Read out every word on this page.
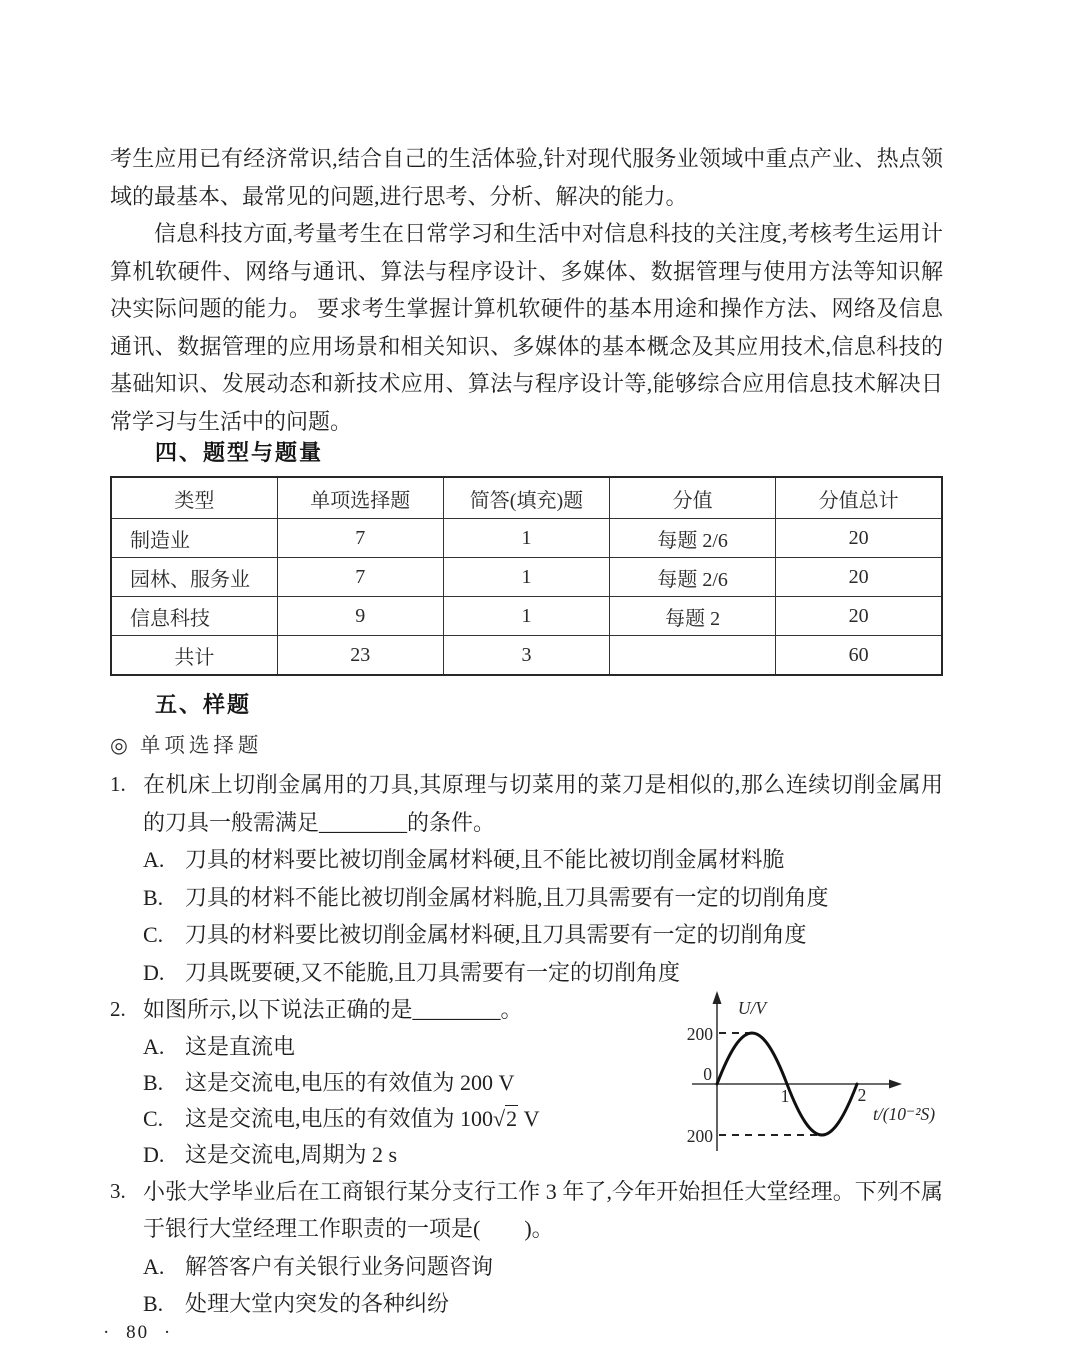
考生应用已有经济常识,结合自己的生活体验,针对现代服务业领域中重点产业、热点领域的最基本、最常见的问题,进行思考、分析、解决的能力。

信息科技方面,考量考生在日常学习和生活中对信息科技的关注度,考核考生运用计算机软硬件、网络与通讯、算法与程序设计、多媒体、数据管理与使用方法等知识解决实际问题的能力。 要求考生掌握计算机软硬件的基本用途和操作方法、网络及信息通讯、数据管理的应用场景和相关知识、多媒体的基本概念及其应用技术,信息科技的基础知识、发展动态和新技术应用、算法与程序设计等,能够综合应用信息技术解决日常学习与生活中的问题。

四、题型与题量
类型	单项选择题	简答(填充)题	分值	分值总计
制造业	7	1	每题 2/6	20
园林、服务业	7	1	每题 2/6	20
信息科技	9	1	每题 2	20
共计	23	3		60
五、样题
◎ 单项选择题
1. 在机床上切削金属用的刀具,其原理与切菜用的菜刀是相似的,那么连续切削金属用的刀具一般需满足________的条件。

A. 刀具的材料要比被切削金属材料硬,且不能比被切削金属材料脆
B. 刀具的材料不能比被切削金属材料脆,且刀具需要有一定的切削角度
C. 刀具的材料要比被切削金属材料硬,且刀具需要有一定的切削角度
D. 刀具既要硬,又不能脆,且刀具需要有一定的切削角度
2. 如图所示,以下说法正确的是________。

A. 这是直流电
B. 这是交流电,电压的有效值为 200 V
C. 这是交流电,电压的有效值为 100√2 V
D. 这是交流电,周期为 2 s
U/V
200
0
200
1	2
t/(10⁻²S)
3. 小张大学毕业后在工商银行某分支行工作 3 年了,今年开始担任大堂经理。下列不属于银行大堂经理工作职责的一项是(　　)。

A. 解答客户有关银行业务问题咨询
B. 处理大堂内突发的各种纠纷
· 80 ·
